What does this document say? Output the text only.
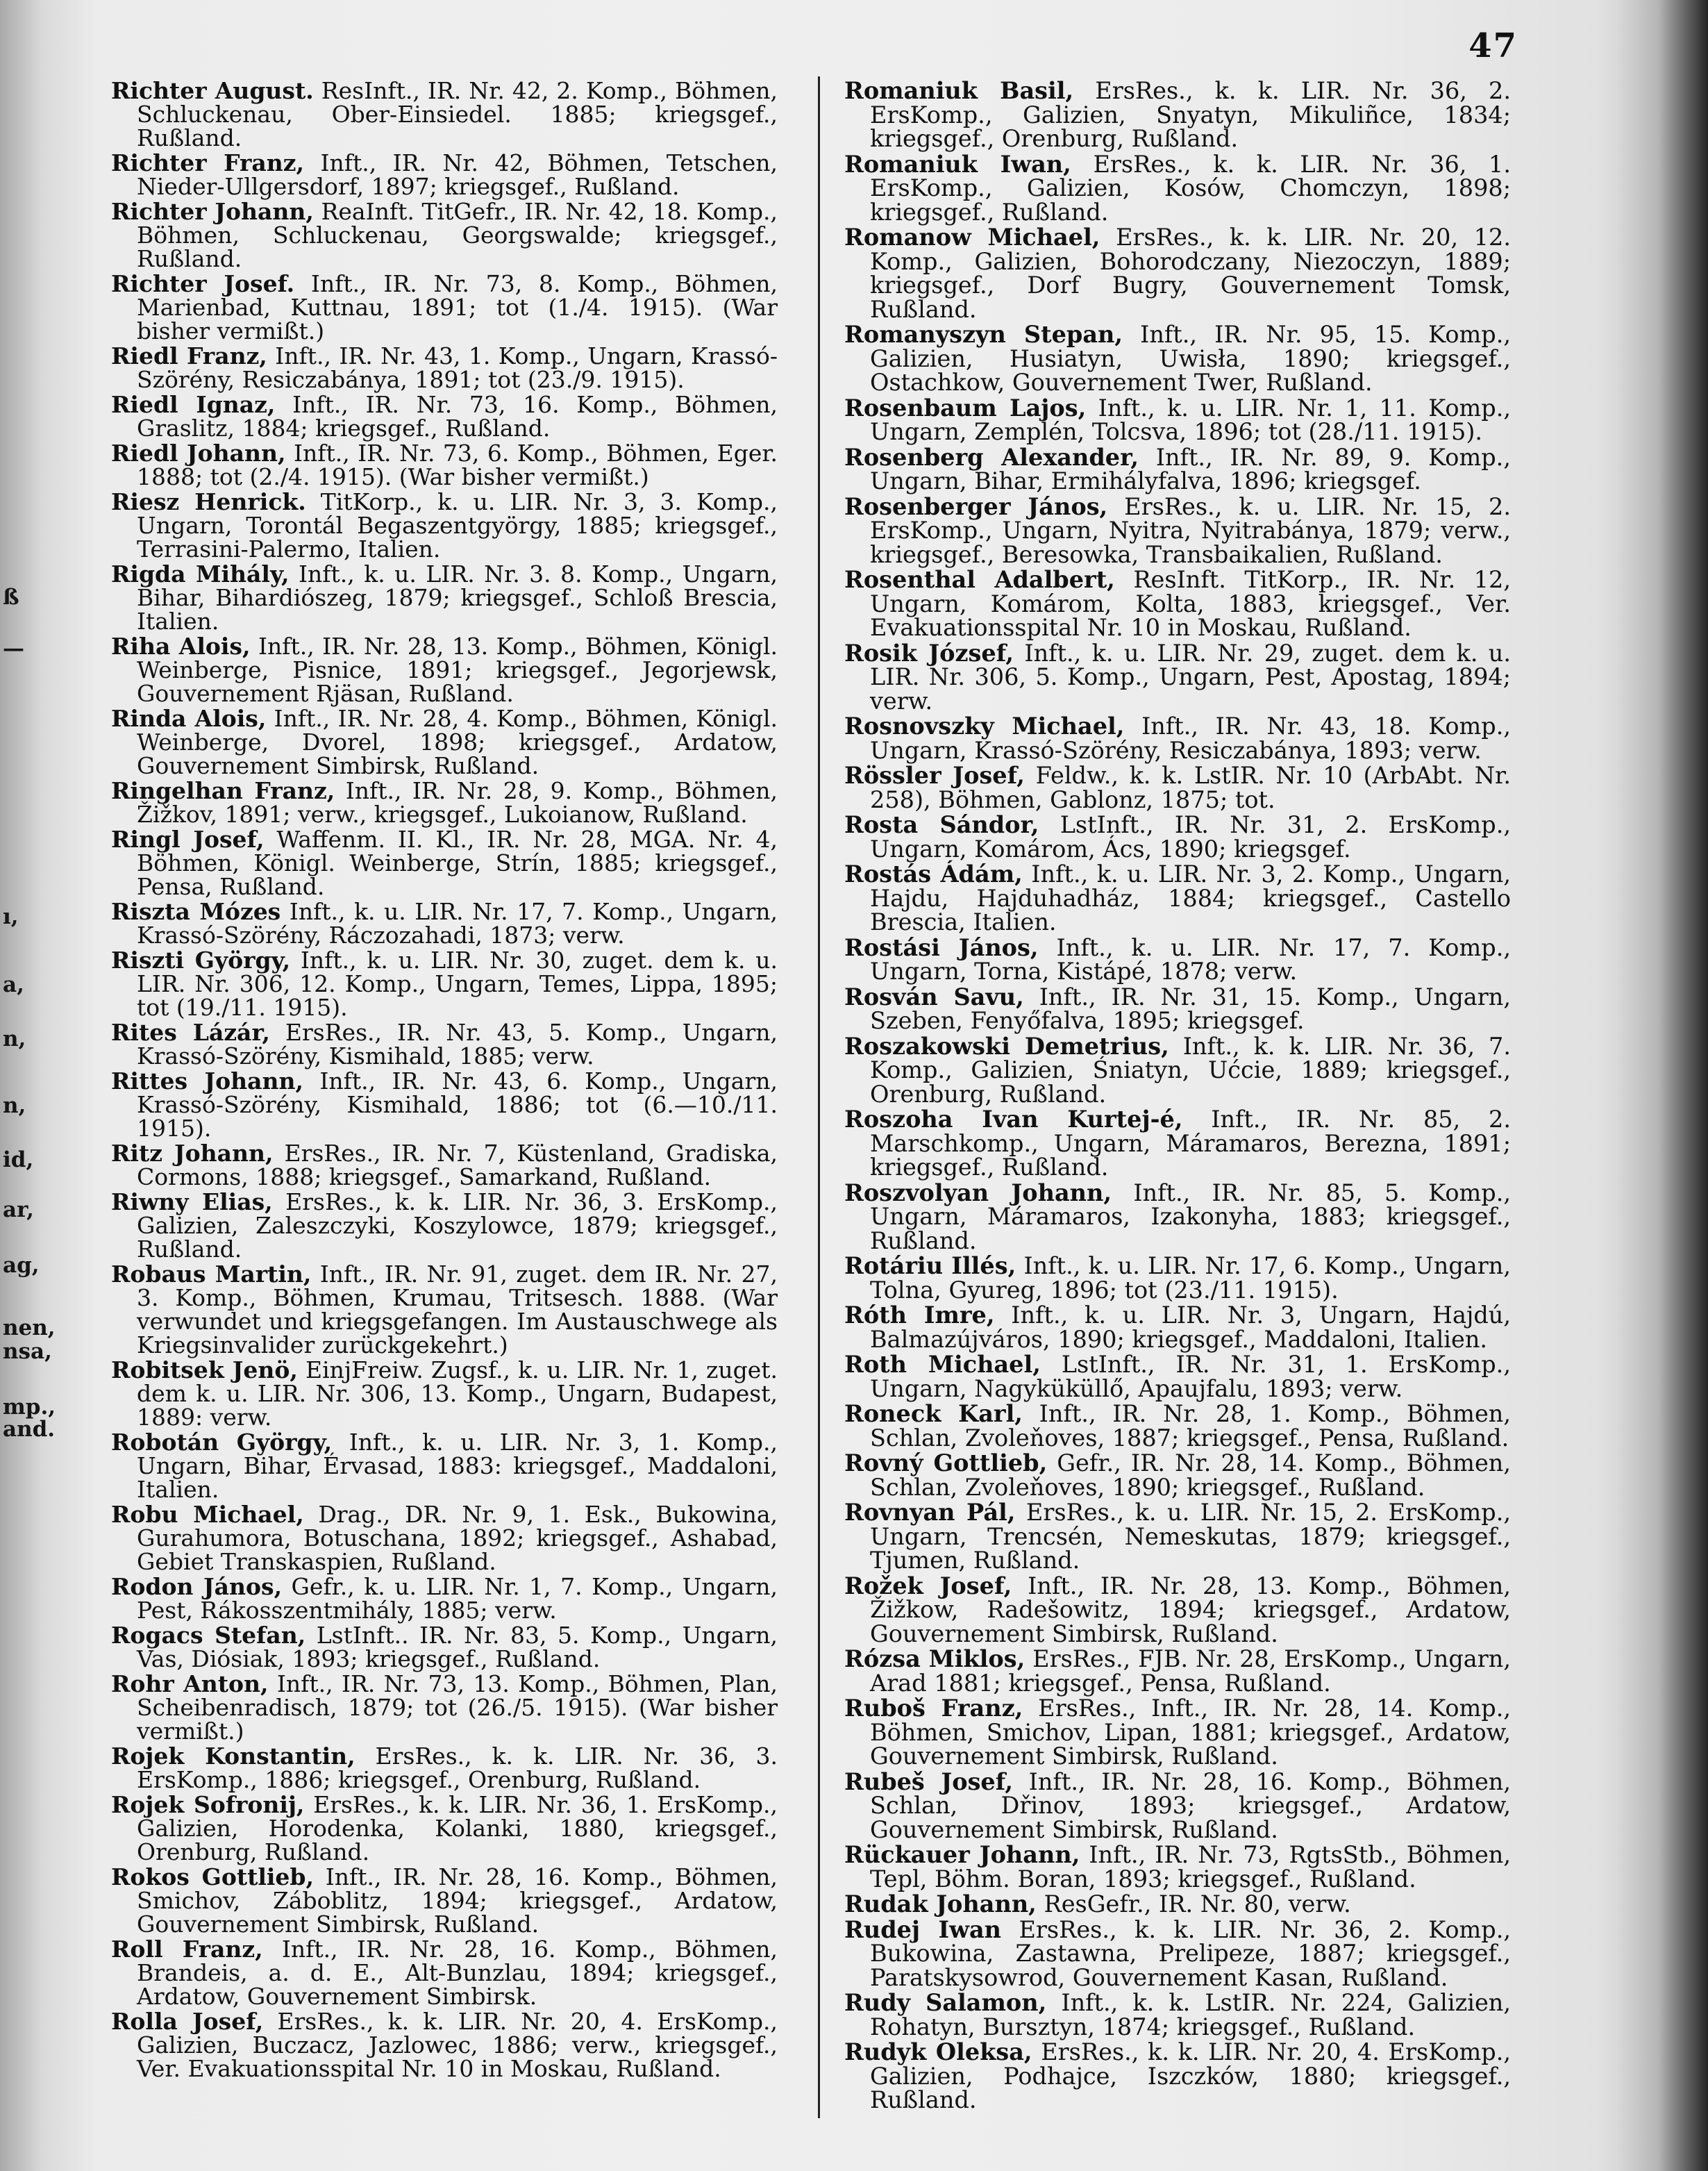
ß
—
ı,
a,
n,
n,
id,
ar,
ag,
nen,
nsa,
mp.,
and.
47

Richter August. ResInft., IR. Nr. 42, 2. Komp., Böhmen, Schluckenau, Ober-Einsiedel. 1885; kriegsgef., Rußland.

Richter Franz, Inft., IR. Nr. 42, Böhmen, Tetschen, Nieder-Ullgersdorf, 1897; kriegsgef., Rußland.

Richter Johann, ReaInft. TitGefr., IR. Nr. 42, 18. Komp., Böhmen, Schluckenau, Georgswalde; kriegsgef., Rußland.

Richter Josef. Inft., IR. Nr. 73, 8. Komp., Böhmen, Marienbad, Kuttnau, 1891; tot (1./4. 1915). (War bisher vermißt.)

Riedl Franz, Inft., IR. Nr. 43, 1. Komp., Ungarn, Krassó-Szörény, Resiczabánya, 1891; tot (23./9. 1915).

Riedl Ignaz, Inft., IR. Nr. 73, 16. Komp., Böhmen, Graslitz, 1884; kriegsgef., Rußland.

Riedl Johann, Inft., IR. Nr. 73, 6. Komp., Böhmen, Eger. 1888; tot (2./4. 1915). (War bisher vermißt.)

Riesz Henrick. TitKorp., k. u. LIR. Nr. 3, 3. Komp., Ungarn, Torontál Begaszentgyörgy, 1885; kriegsgef., Terrasini-Palermo, Italien.

Rigda Mihály, Inft., k. u. LIR. Nr. 3. 8. Komp., Ungarn, Bihar, Bihardiószeg, 1879; kriegsgef., Schloß Brescia, Italien.

Riha Alois, Inft., IR. Nr. 28, 13. Komp., Böhmen, Königl. Weinberge, Pisnice, 1891; kriegsgef., Jegorjewsk, Gouvernement Rjäsan, Rußland.

Rinda Alois, Inft., IR. Nr. 28, 4. Komp., Böhmen, Königl. Weinberge, Dvorel, 1898; kriegsgef., Ardatow, Gouvernement Simbirsk, Rußland.

Ringelhan Franz, Inft., IR. Nr. 28, 9. Komp., Böhmen, Žižkov, 1891; verw., kriegsgef., Lukoianow, Rußland.

Ringl Josef, Waffenm. II. Kl., IR. Nr. 28, MGA. Nr. 4, Böhmen, Königl. Weinberge, Strín, 1885; kriegsgef., Pensa, Rußland.

Riszta Mózes Inft., k. u. LIR. Nr. 17, 7. Komp., Ungarn, Krassó-Szörény, Ráczozahadi, 1873; verw.

Riszti György, Inft., k. u. LIR. Nr. 30, zuget. dem k. u. LIR. Nr. 306, 12. Komp., Ungarn, Temes, Lippa, 1895; tot (19./11. 1915).

Rites Lázár, ErsRes., IR. Nr. 43, 5. Komp., Ungarn, Krassó-Szörény, Kismihald, 1885; verw.

Rittes Johann, Inft., IR. Nr. 43, 6. Komp., Ungarn, Krassó-Szörény, Kismihald, 1886; tot (6.—10./11. 1915).

Ritz Johann, ErsRes., IR. Nr. 7, Küstenland, Gradiska, Cormons, 1888; kriegsgef., Samarkand, Rußland.

Riwny Elias, ErsRes., k. k. LIR. Nr. 36, 3. ErsKomp., Galizien, Zaleszczyki, Koszylowce, 1879; kriegsgef., Rußland.

Robaus Martin, Inft., IR. Nr. 91, zuget. dem IR. Nr. 27, 3. Komp., Böhmen, Krumau, Tritsesch. 1888. (War verwundet und kriegsgefangen. Im Austauschwege als Kriegsinvalider zurückgekehrt.)

Robitsek Jenö, EinjFreiw. Zugsf., k. u. LIR. Nr. 1, zuget. dem k. u. LIR. Nr. 306, 13. Komp., Ungarn, Budapest, 1889: verw.

Robotán György, Inft., k. u. LIR. Nr. 3, 1. Komp., Ungarn, Bihar, Érvasad, 1883: kriegsgef., Maddaloni, Italien.

Robu Michael, Drag., DR. Nr. 9, 1. Esk., Bukowina, Gurahumora, Botuschana, 1892; kriegsgef., Ashabad, Gebiet Transkaspien, Rußland.

Rodon János, Gefr., k. u. LIR. Nr. 1, 7. Komp., Ungarn, Pest, Rákosszentmihály, 1885; verw.

Rogacs Stefan, LstInft.. IR. Nr. 83, 5. Komp., Ungarn, Vas, Diósiak, 1893; kriegsgef., Rußland.

Rohr Anton, Inft., IR. Nr. 73, 13. Komp., Böhmen, Plan, Scheibenradisch, 1879; tot (26./5. 1915). (War bisher vermißt.)

Rojek Konstantin, ErsRes., k. k. LIR. Nr. 36, 3. ErsKomp., 1886; kriegsgef., Orenburg, Rußland.

Rojek Sofronij, ErsRes., k. k. LIR. Nr. 36, 1. ErsKomp., Galizien, Horodenka, Kolanki, 1880, kriegsgef., Orenburg, Rußland.

Rokos Gottlieb, Inft., IR. Nr. 28, 16. Komp., Böhmen, Smichov, Záboblitz, 1894; kriegsgef., Ardatow, Gouvernement Simbirsk, Rußland.

Roll Franz, Inft., IR. Nr. 28, 16. Komp., Böhmen, Brandeis, a. d. E., Alt-Bunzlau, 1894; kriegsgef., Ardatow, Gouvernement Simbirsk.

Rolla Josef, ErsRes., k. k. LIR. Nr. 20, 4. ErsKomp., Galizien, Buczacz, Jazlowec, 1886; verw., kriegsgef., Ver. Evakuationsspital Nr. 10 in Moskau, Rußland.

Romaniuk Basil, ErsRes., k. k. LIR. Nr. 36, 2. ErsKomp., Galizien, Snyatyn, Mikuliñce, 1834; kriegsgef., Orenburg, Rußland.

Romaniuk Iwan, ErsRes., k. k. LIR. Nr. 36, 1. ErsKomp., Galizien, Kosów, Chomczyn, 1898; kriegsgef., Rußland.

Romanow Michael, ErsRes., k. k. LIR. Nr. 20, 12. Komp., Galizien, Bohorodczany, Niezoczyn, 1889; kriegsgef., Dorf Bugry, Gouvernement Tomsk, Rußland.

Romanyszyn Stepan, Inft., IR. Nr. 95, 15. Komp., Galizien, Husiatyn, Uwisła, 1890; kriegsgef., Ostachkow, Gouvernement Twer, Rußland.

Rosenbaum Lajos, Inft., k. u. LIR. Nr. 1, 11. Komp., Ungarn, Zemplén, Tolcsva, 1896; tot (28./11. 1915).

Rosenberg Alexander, Inft., IR. Nr. 89, 9. Komp., Ungarn, Bihar, Ermihályfalva, 1896; kriegsgef.

Rosenberger János, ErsRes., k. u. LIR. Nr. 15, 2. ErsKomp., Ungarn, Nyitra, Nyitrabánya, 1879; verw., kriegsgef., Beresowka, Transbaikalien, Rußland.

Rosenthal Adalbert, ResInft. TitKorp., IR. Nr. 12, Ungarn, Komárom, Kolta, 1883, kriegsgef., Ver. Evakuationsspital Nr. 10 in Moskau, Rußland.

Rosik József, Inft., k. u. LIR. Nr. 29, zuget. dem k. u. LIR. Nr. 306, 5. Komp., Ungarn, Pest, Apostag, 1894; verw.

Rosnovszky Michael, Inft., IR. Nr. 43, 18. Komp., Ungarn, Krassó-Szörény, Resiczabánya, 1893; verw.

Rössler Josef, Feldw., k. k. LstIR. Nr. 10 (ArbAbt. Nr. 258), Böhmen, Gablonz, 1875; tot.

Rosta Sándor, LstInft., IR. Nr. 31, 2. ErsKomp., Ungarn, Komárom, Ács, 1890; kriegsgef.

Rostás Ádám, Inft., k. u. LIR. Nr. 3, 2. Komp., Ungarn, Hajdu, Hajduhadház, 1884; kriegsgef., Castello Brescia, Italien.

Rostási János, Inft., k. u. LIR. Nr. 17, 7. Komp., Ungarn, Torna, Kistápé, 1878; verw.

Rosván Savu, Inft., IR. Nr. 31, 15. Komp., Ungarn, Szeben, Fenyőfalva, 1895; kriegsgef.

Roszakowski Demetrius, Inft., k. k. LIR. Nr. 36, 7. Komp., Galizien, Śniatyn, Ućcie, 1889; kriegsgef., Orenburg, Rußland.

Roszoha Ivan Kurtej-é, Inft., IR. Nr. 85, 2. Marschkomp., Ungarn, Máramaros, Berezna, 1891; kriegsgef., Rußland.

Roszvolyan Johann, Inft., IR. Nr. 85, 5. Komp., Ungarn, Máramaros, Izakonyha, 1883; kriegsgef., Rußland.

Rotáriu Illés, Inft., k. u. LIR. Nr. 17, 6. Komp., Ungarn, Tolna, Gyureg, 1896; tot (23./11. 1915).

Róth Imre, Inft., k. u. LIR. Nr. 3, Ungarn, Hajdú, Balmazújváros, 1890; kriegsgef., Maddaloni, Italien.

Roth Michael, LstInft., IR. Nr. 31, 1. ErsKomp., Ungarn, Nagyküküllő, Apaujfalu, 1893; verw.

Roneck Karl, Inft., IR. Nr. 28, 1. Komp., Böhmen, Schlan, Zvoleňoves, 1887; kriegsgef., Pensa, Rußland.

Rovný Gottlieb, Gefr., IR. Nr. 28, 14. Komp., Böhmen, Schlan, Zvoleňoves, 1890; kriegsgef., Rußland.

Rovnyan Pál, ErsRes., k. u. LIR. Nr. 15, 2. ErsKomp., Ungarn, Trencsén, Nemeskutas, 1879; kriegsgef., Tjumen, Rußland.

Rožek Josef, Inft., IR. Nr. 28, 13. Komp., Böhmen, Žižkow, Radešowitz, 1894; kriegsgef., Ardatow, Gouvernement Simbirsk, Rußland.

Rózsa Miklos, ErsRes., FJB. Nr. 28, ErsKomp., Ungarn, Arad 1881; kriegsgef., Pensa, Rußland.

Ruboš Franz, ErsRes., Inft., IR. Nr. 28, 14. Komp., Böhmen, Smichov, Lipan, 1881; kriegsgef., Ardatow, Gouvernement Simbirsk, Rußland.

Rubeš Josef, Inft., IR. Nr. 28, 16. Komp., Böhmen, Schlan, Dřinov, 1893; kriegsgef., Ardatow, Gouvernement Simbirsk, Rußland.

Rückauer Johann, Inft., IR. Nr. 73, RgtsStb., Böhmen, Tepl, Böhm. Boran, 1893; kriegsgef., Rußland.

Rudak Johann, ResGefr., IR. Nr. 80, verw.

Rudej Iwan ErsRes., k. k. LIR. Nr. 36, 2. Komp., Bukowina, Zastawna, Prelipeze, 1887; kriegsgef., Paratskysowrod, Gouvernement Kasan, Rußland.

Rudy Salamon, Inft., k. k. LstIR. Nr. 224, Galizien, Rohatyn, Bursztyn, 1874; kriegsgef., Rußland.

Rudyk Oleksa, ErsRes., k. k. LIR. Nr. 20, 4. ErsKomp., Galizien, Podhajce, Iszczków, 1880; kriegsgef., Rußland.
